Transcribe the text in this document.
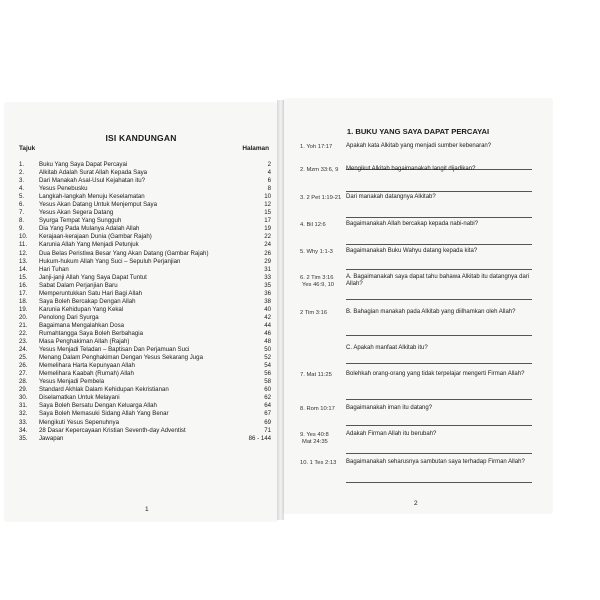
ISI KANDUNGAN
Tajuk	Halaman
1.	Buku Yang Saya Dapat Percayai	2
2.	Alkitab Adalah Surat Allah Kepada Saya	4
3.	Dari Manakah Asal-Usul Kejahatan itu?	6
4.	Yesus Penebusku	8
5.	Langkah-langkah Menuju Keselamatan	10
6.	Yesus Akan Datang Untuk Menjemput Saya	12
7.	Yesus Akan Segera Datang	15
8.	Syurga Tempat Yang Sungguh	17
9.	Dia Yang Pada Mulanya Adalah Allah	19
10.	Kerajaan-kerajaan Dunia (Gambar Rajah)	22
11.	Karunia Allah Yang Menjadi Petunjuk	24
12.	Dua Belas Peristiwa Besar Yang Akan Datang (Gambar Rajah)	26
13.	Hukum-hukum Allah Yang Suci – Sepuluh Perjanjian	29
14.	Hari Tuhan	31
15.	Janji-janji Allah Yang Saya Dapat Tuntut	33
16.	Sabat Dalam Perjanjian Baru	35
17.	Memperuntukkan Satu Hari Bagi Allah	36
18.	Saya Boleh Bercakap Dengan Allah	38
19.	Karunia Kehidupan Yang Kekal	40
20.	Penolong Dari Syurga	42
21.	Bagaimana Mengalahkan Dosa	44
22.	Rumahtangga Saya Boleh Berbahagia	46
23.	Masa Penghakiman Allah (Rajah)	48
24.	Yesus Menjadi Teladan – Baptisan Dan Perjamuan Suci	50
25.	Menang Dalam Penghakiman Dengan Yesus Sekarang Juga	52
26.	Memelihara Harta Kepunyaan Allah	54
27.	Memelihara Kaabah (Rumah) Allah	56
28.	Yesus Menjadi Pembela	58
29.	Standard Akhlak Dalam Kehidupan Kekristianan	60
30.	Diselamatkan Untuk Melayani	62
31.	Saya Boleh Bersatu Dengan Keluarga Allah	64
32.	Saya Boleh Memasuki Sidang Allah Yang Benar	67
33.	Mengikuti Yesus Sepenuhnya	69
34.	28 Dasar Kepercayaan Kristian Seventh-day Adventist	71
35.	Jawapan	86 - 144
1
1. BUKU YANG SAYA DAPAT PERCAYAI
1. Yoh 17:17 Apakah kata Alkitab yang menjadi sumber kebenaran?
2. Mzm 33:6, 9 Mengikut Alkitab bagaimanakah langit dijadikan?
3. 2 Pet 1:19-21 Dari manakah datangnya Alkitab?
4. Bil 12:6	Bagaimanakah Allah bercakap kepada nabi-nabi?
5. Why 1:1-3 Bagaimanakah Buku Wahyu datang kepada kita?
6. 2 Tim 3:16
Yes 46:9, 10
A. Bagaimanakah saya dapat tahu bahawa Alkitab itu datangnya dari Allah?
2 Tim 3:16	B. Bahagian manakah pada Alkitab yang diilhamkan oleh Allah?
C. Apakah manfaat Alkitab itu?
7. Mat 11:25 Bolehkah orang-orang yang tidak terpelajar mengerti Firman Allah?
8. Rom 10:17 Bagaimanakah iman itu datang?
9. Yes 40:8
Mat 24:35
Adakah Firman Allah itu berubah?
10. 1 Tes 2:13 Bagaimanakah seharusnya sambutan saya terhadap Firman Allah?
2
